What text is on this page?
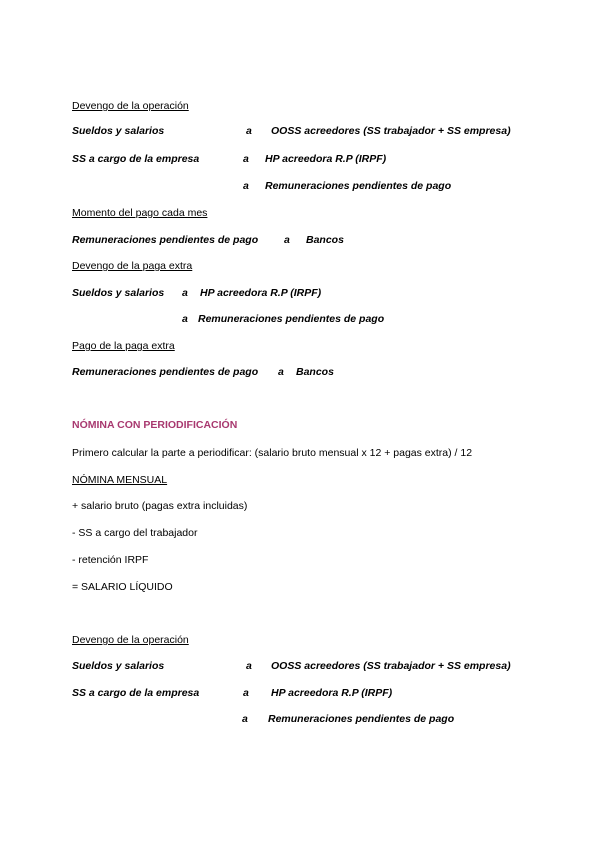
Devengo de la operación
Sueldos y salarios	a OOSS acreedores (SS trabajador + SS empresa)
SS a cargo de la empresa	a HP acreedora R.P (IRPF)
a Remuneraciones pendientes de pago
Momento del pago cada mes
Remuneraciones pendientes de pago a Bancos
Devengo de la paga extra
Sueldos y salarios a HP acreedora R.P (IRPF)
a Remuneraciones pendientes de pago
Pago de la paga extra
Remuneraciones pendientes de pago a Bancos
NÓMINA CON PERIODIFICACIÓN
Primero calcular la parte a periodificar: (salario bruto mensual x 12 + pagas extra) / 12
NÓMINA MENSUAL
+ salario bruto (pagas extra incluidas)
- SS a cargo del trabajador
- retención IRPF
= SALARIO LÍQUIDO
Devengo de la operación
Sueldos y salarios	a OOSS acreedores (SS trabajador + SS empresa)
SS a cargo de la empresa	a HP acreedora R.P (IRPF)
a Remuneraciones pendientes de pago
